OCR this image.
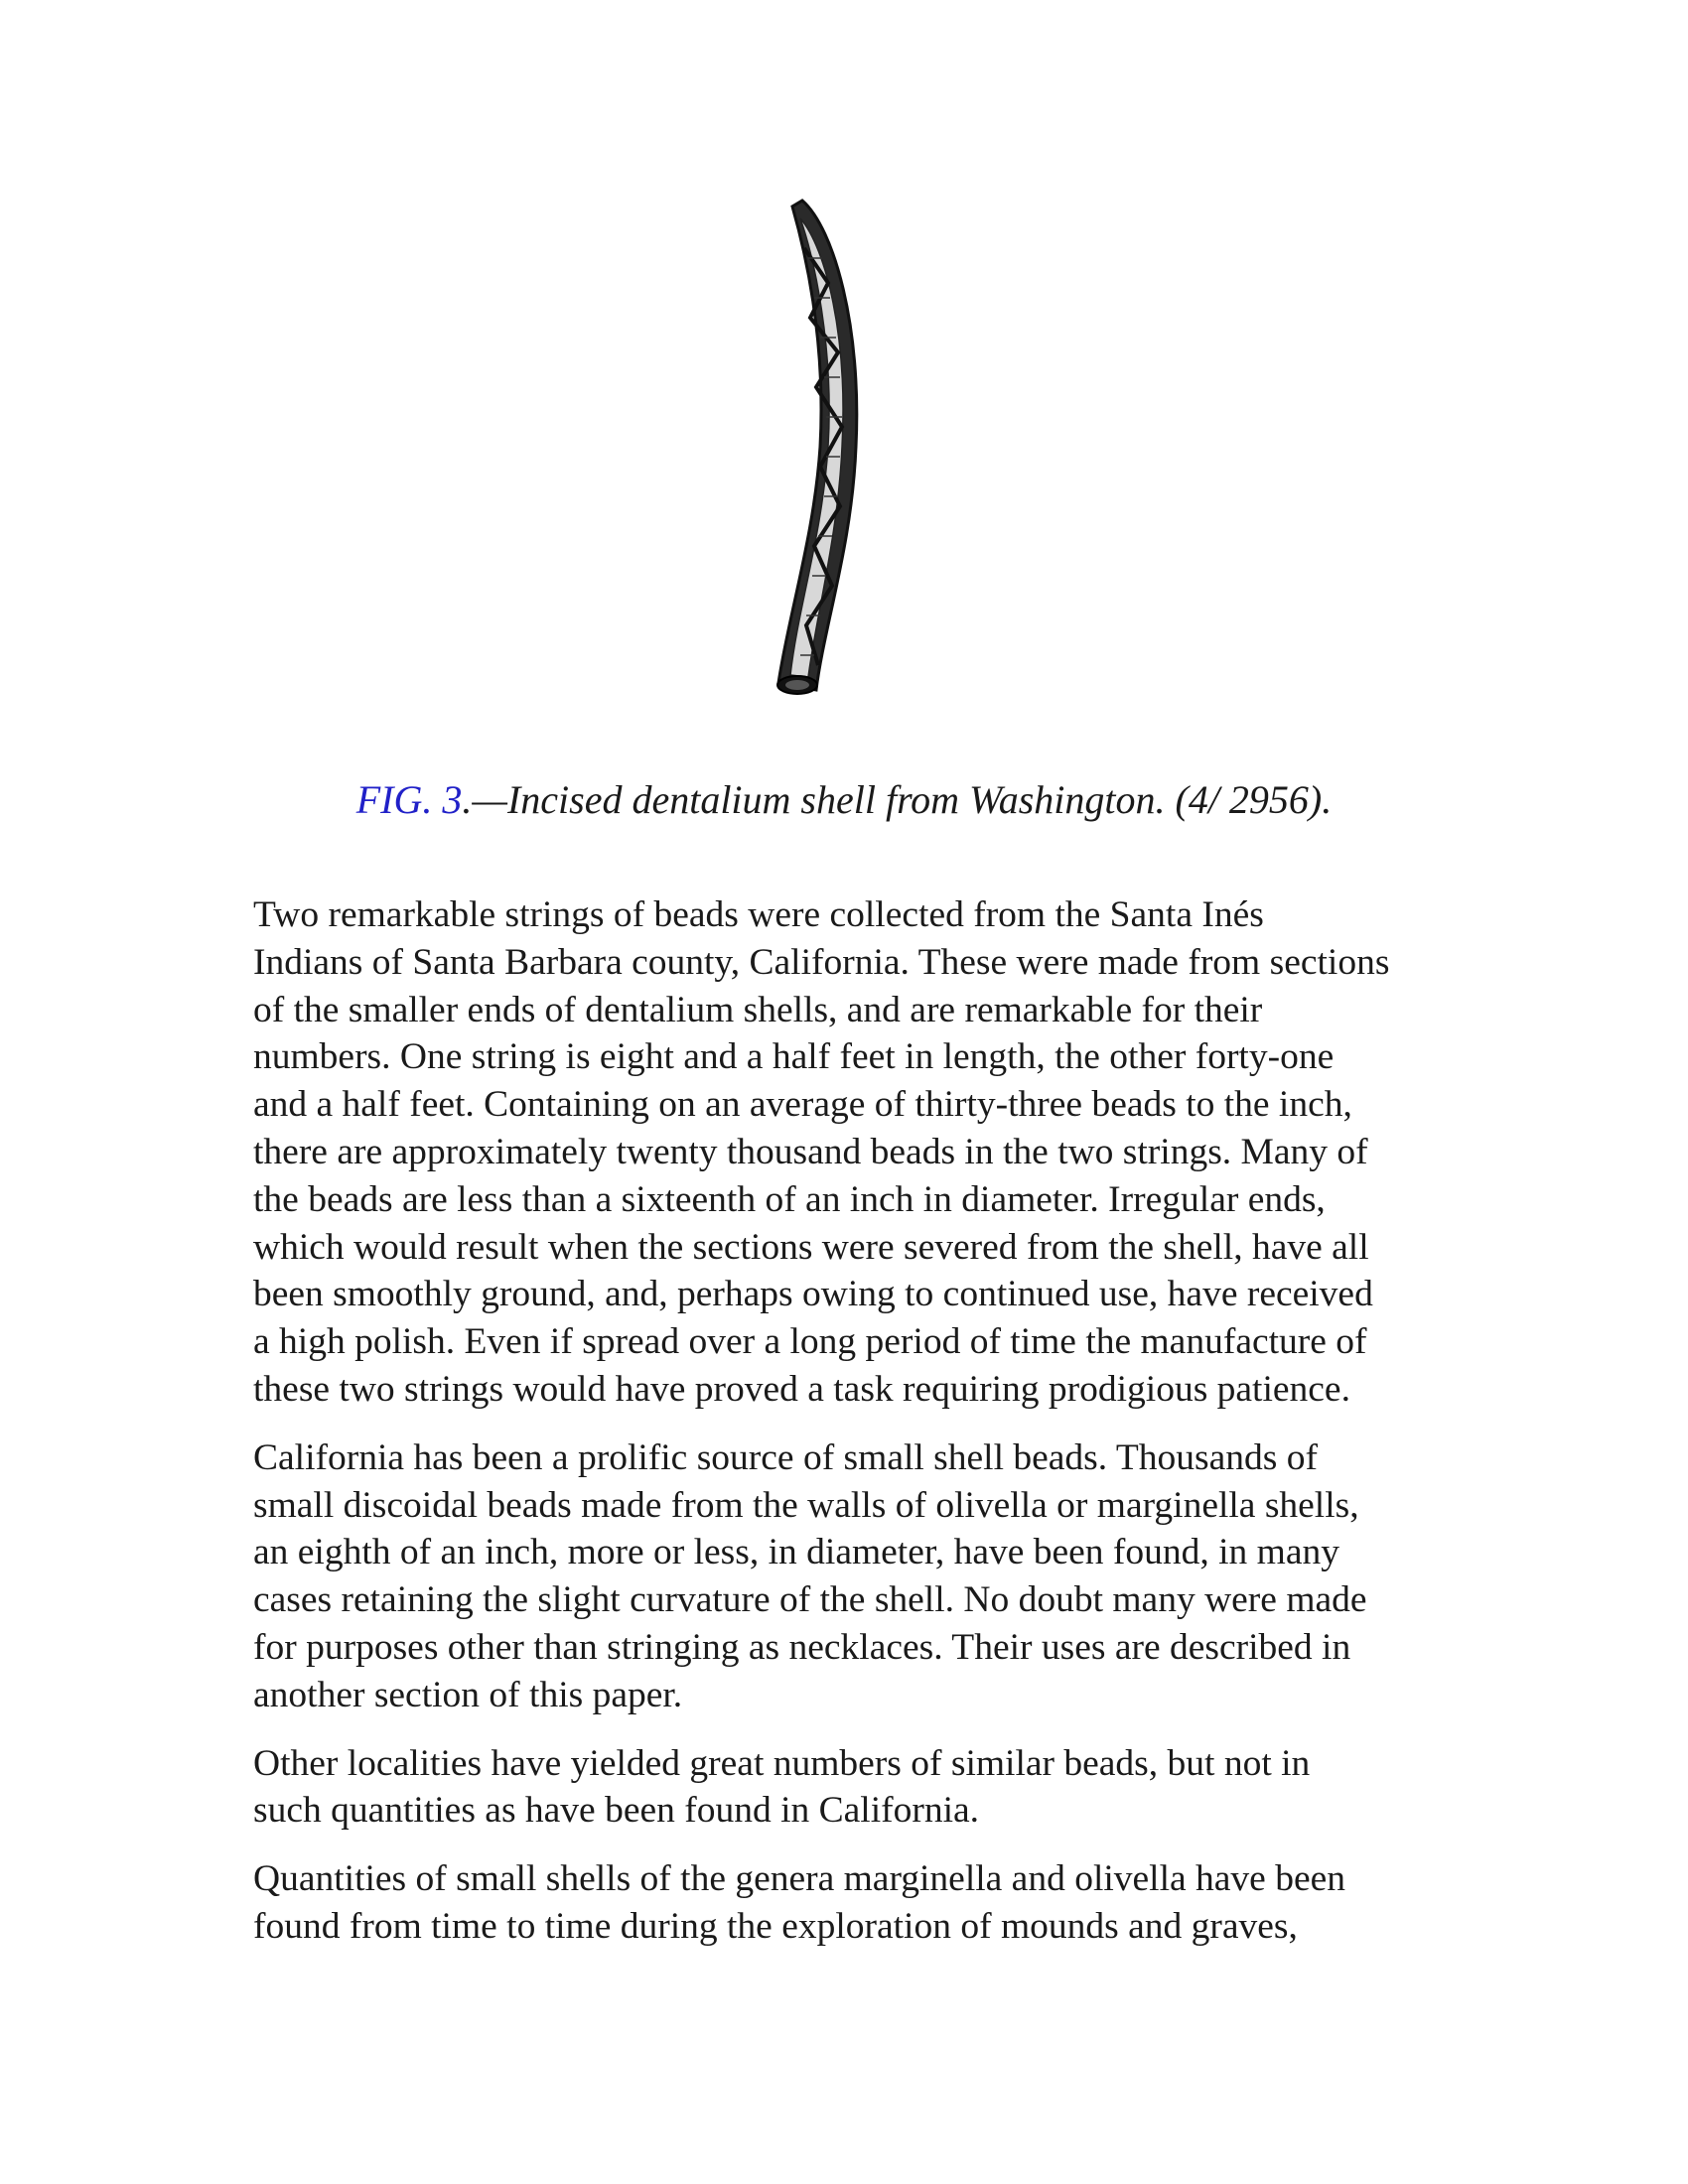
FIG. 3.—Incised dentalium shell from Washington. (4/ 2956).

Two remarkable strings of beads were collected from the Santa Inés
Indians of Santa Barbara county, California. These were made from sections
of the smaller ends of dentalium shells, and are remarkable for their
numbers. One string is eight and a half feet in length, the other forty-one
and a half feet. Containing on an average of thirty-three beads to the inch,
there are approximately twenty thousand beads in the two strings. Many of
the beads are less than a sixteenth of an inch in diameter. Irregular ends,
which would result when the sections were severed from the shell, have all
been smoothly ground, and, perhaps owing to continued use, have received
a high polish. Even if spread over a long period of time the manufacture of
these two strings would have proved a task requiring prodigious patience.

California has been a prolific source of small shell beads. Thousands of
small discoidal beads made from the walls of olivella or marginella shells,
an eighth of an inch, more or less, in diameter, have been found, in many
cases retaining the slight curvature of the shell. No doubt many were made
for purposes other than stringing as necklaces. Their uses are described in
another section of this paper.

Other localities have yielded great numbers of similar beads, but not in
such quantities as have been found in California.

Quantities of small shells of the genera marginella and olivella have been
found from time to time during the exploration of mounds and graves,
